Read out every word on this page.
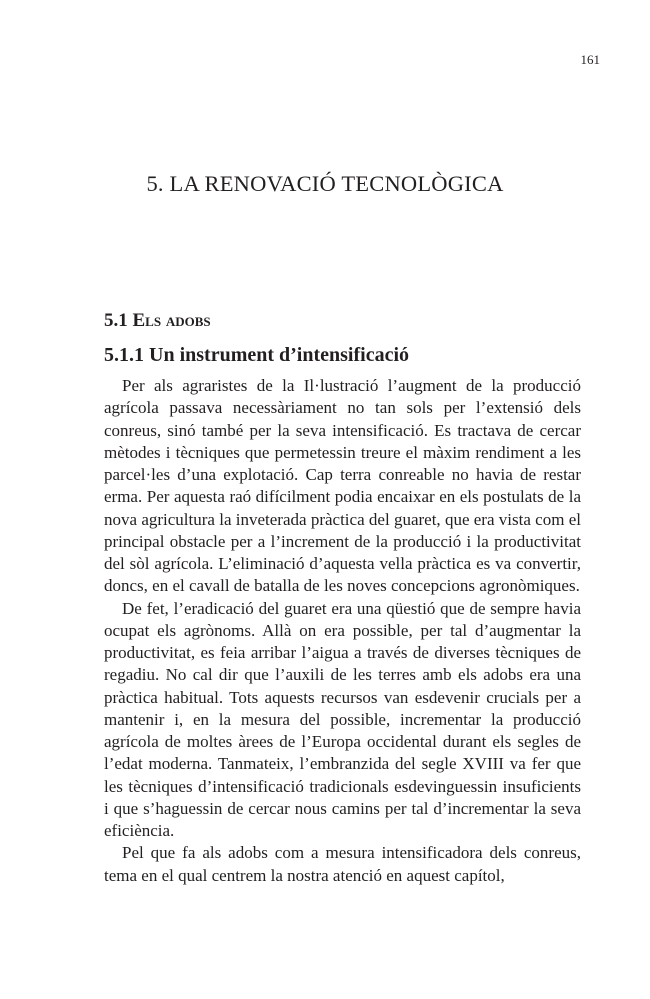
161
5. LA RENOVACIÓ TECNOLÒGICA
5.1 Els adobs
5.1.1 Un instrument d’intensificació

Per als agraristes de la Il·lustració l’augment de la producció agrícola passava necessàriament no tan sols per l’extensió dels conreus, sinó també per la seva intensificació. Es tractava de cercar mètodes i tècniques que permetessin treure el màxim rendiment a les parcel·les d’una explotació. Cap terra conreable no havia de restar erma. Per aquesta raó difícilment podia encaixar en els postulats de la nova agricultura la inveterada pràctica del guaret, que era vista com el principal obstacle per a l’increment de la producció i la productivitat del sòl agrícola. L’eliminació d’aquesta vella pràctica es va convertir, doncs, en el cavall de batalla de les noves concepcions agronòmiques.

De fet, l’eradicació del guaret era una qüestió que de sempre havia ocupat els agrònoms. Allà on era possible, per tal d’augmentar la productivitat, es feia arribar l’aigua a través de diverses tècniques de regadiu. No cal dir que l’auxili de les terres amb els adobs era una pràctica habitual. Tots aquests recursos van esdevenir crucials per a mantenir i, en la mesura del possible, incrementar la producció agrícola de moltes àrees de l’Europa occidental durant els segles de l’edat moderna. Tanmateix, l’embranzida del segle XVIII va fer que les tècniques d’intensificació tradicionals esdevinguessin insuficients i que s’haguessin de cercar nous camins per tal d’incrementar la seva eficiència.

Pel que fa als adobs com a mesura intensificadora dels conreus, tema en el qual centrem la nostra atenció en aquest capítol,
